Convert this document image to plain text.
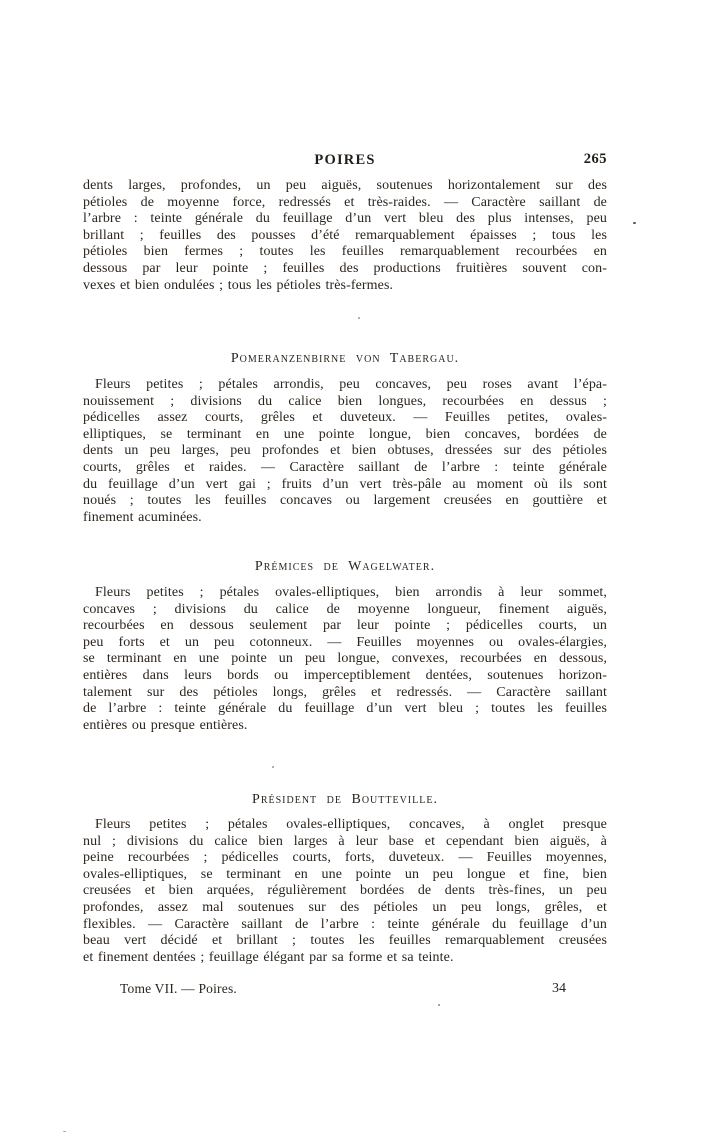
POIRES	265
dents larges, profondes, un peu aiguës, soutenues horizontalement sur des
pétioles de moyenne force, redressés et très-raides. — Caractère saillant de
l’arbre : teinte générale du feuillage d’un vert bleu des plus intenses, peu
brillant ; feuilles des pousses d’été remarquablement épaisses ; tous les
pétioles bien fermes ; toutes les feuilles remarquablement recourbées en
dessous par leur pointe ; feuilles des productions fruitières souvent con-
vexes et bien ondulées ; tous les pétioles très-fermes.
Pomeranzenbirne von Tabergau.
Fleurs petites ; pétales arrondis, peu concaves, peu roses avant l’épa-
nouissement ; divisions du calice bien longues, recourbées en dessus ;
pédicelles assez courts, grêles et duveteux. — Feuilles petites, ovales-
elliptiques, se terminant en une pointe longue, bien concaves, bordées de
dents un peu larges, peu profondes et bien obtuses, dressées sur des pétioles
courts, grêles et raides. — Caractère saillant de l’arbre : teinte générale
du feuillage d’un vert gai ; fruits d’un vert très-pâle au moment où ils sont
noués ; toutes les feuilles concaves ou largement creusées en gouttière et
finement acuminées.
Prémices de Wagelwater.
Fleurs petites ; pétales ovales-elliptiques, bien arrondis à leur sommet,
concaves ; divisions du calice de moyenne longueur, finement aiguës,
recourbées en dessous seulement par leur pointe ; pédicelles courts, un
peu forts et un peu cotonneux. — Feuilles moyennes ou ovales-élargies,
se terminant en une pointe un peu longue, convexes, recourbées en dessous,
entières dans leurs bords ou imperceptiblement dentées, soutenues horizon-
talement sur des pétioles longs, grêles et redressés. — Caractère saillant
de l’arbre : teinte générale du feuillage d’un vert bleu ; toutes les feuilles
entières ou presque entières.
Président de Boutteville.
Fleurs petites ; pétales ovales-elliptiques, concaves, à onglet presque
nul ; divisions du calice bien larges à leur base et cependant bien aiguës, à
peine recourbées ; pédicelles courts, forts, duveteux. — Feuilles moyennes,
ovales-elliptiques, se terminant en une pointe un peu longue et fine, bien
creusées et bien arquées, régulièrement bordées de dents très-fines, un peu
profondes, assez mal soutenues sur des pétioles un peu longs, grêles, et
flexibles. — Caractère saillant de l’arbre : teinte générale du feuillage d’un
beau vert décidé et brillant ; toutes les feuilles remarquablement creusées
et finement dentées ; feuillage élégant par sa forme et sa teinte.
Tome VII. — Poires.	34
